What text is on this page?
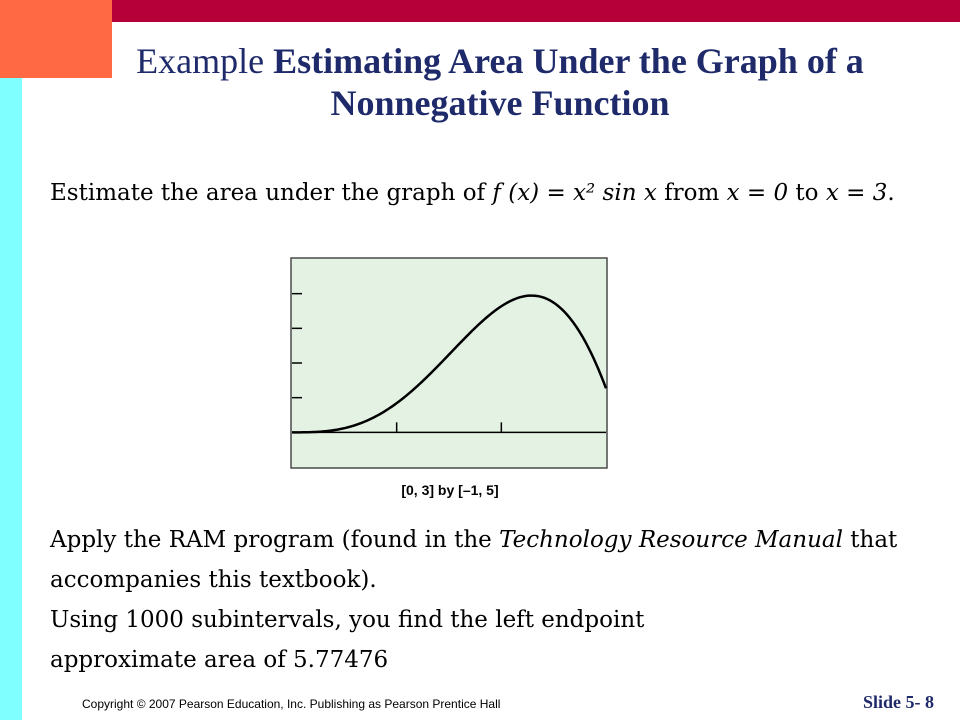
Example Estimating Area Under the Graph of a Nonnegative Function
Estimate the area under the graph of f (x) = x² sin x from x = 0 to x = 3.
[0, 3] by [–1, 5]
Apply the RAM program (found in the Technology Resource Manual that
accompanies this textbook).
Using 1000 subintervals, you find the left endpoint
approximate area of 5.77476
Copyright © 2007 Pearson Education, Inc. Publishing as Pearson Prentice Hall	Slide 5- 8
